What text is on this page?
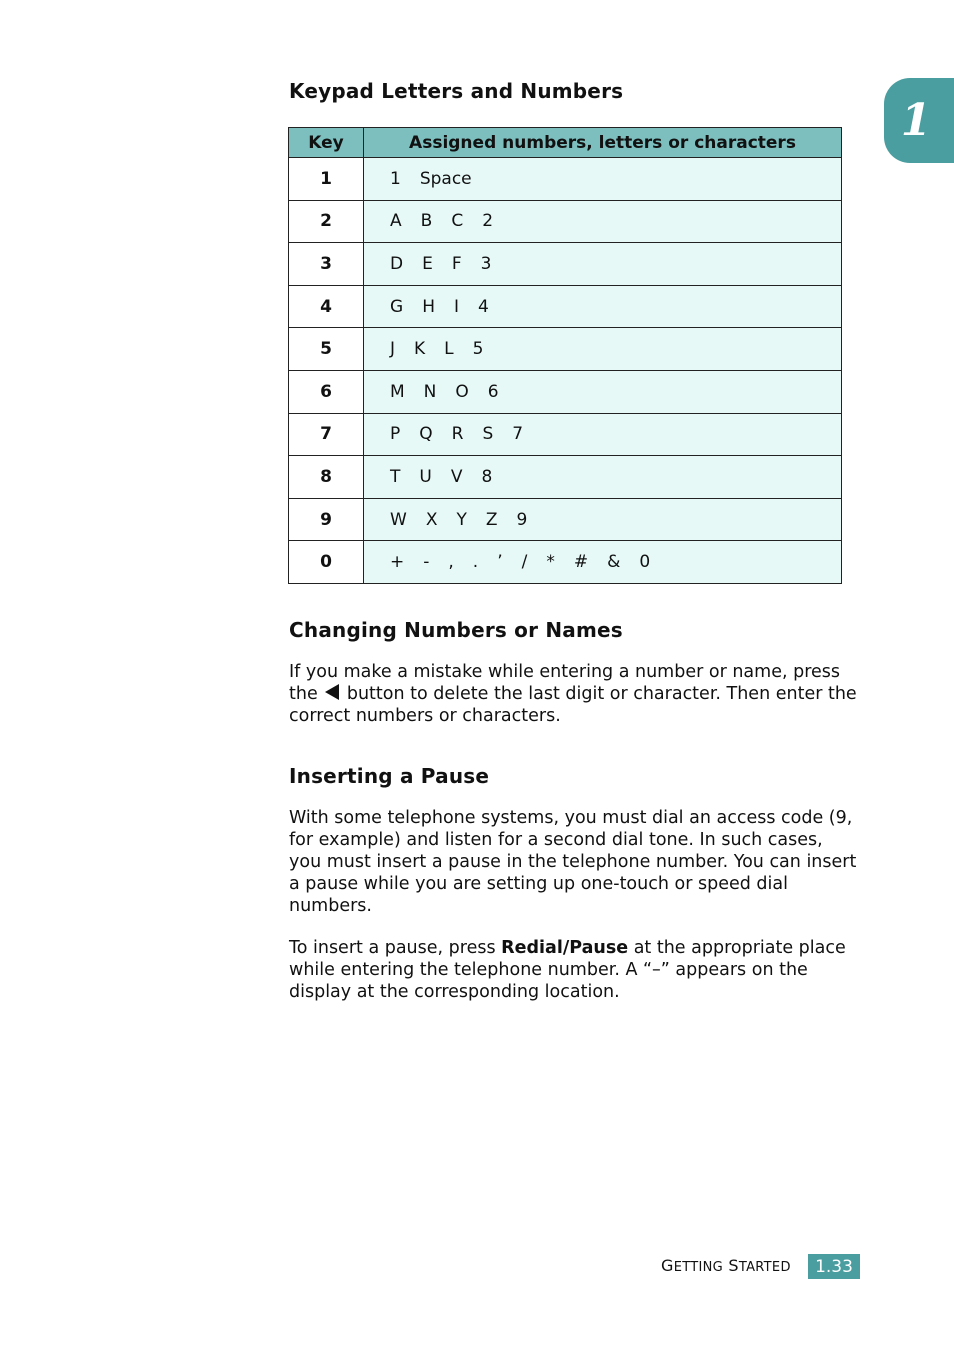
1
Keypad Letters and Numbers
Key	Assigned numbers, letters or characters
1	1 Space
2	A B C 2
3	D E F 3
4	G H I 4
5	J K L 5
6	M N O 6
7	P Q R S 7
8	T U V 8
9	W X Y Z 9
0	+ - , . ’ / * # & 0
Changing Numbers or Names

If you make a mistake while entering a number or name, press the  button to delete the last digit or character. Then enter the correct numbers or characters.

Inserting a Pause

With some telephone systems, you must dial an access code (9, for example) and listen for a second dial tone. In such cases, you must insert a pause in the telephone number. You can insert a pause while you are setting up one-touch or speed dial numbers.

To insert a pause, press Redial/Pause at the appropriate place while entering the telephone number. A “–” appears on the display at the corresponding location.

GETTING STARTED	1.33
